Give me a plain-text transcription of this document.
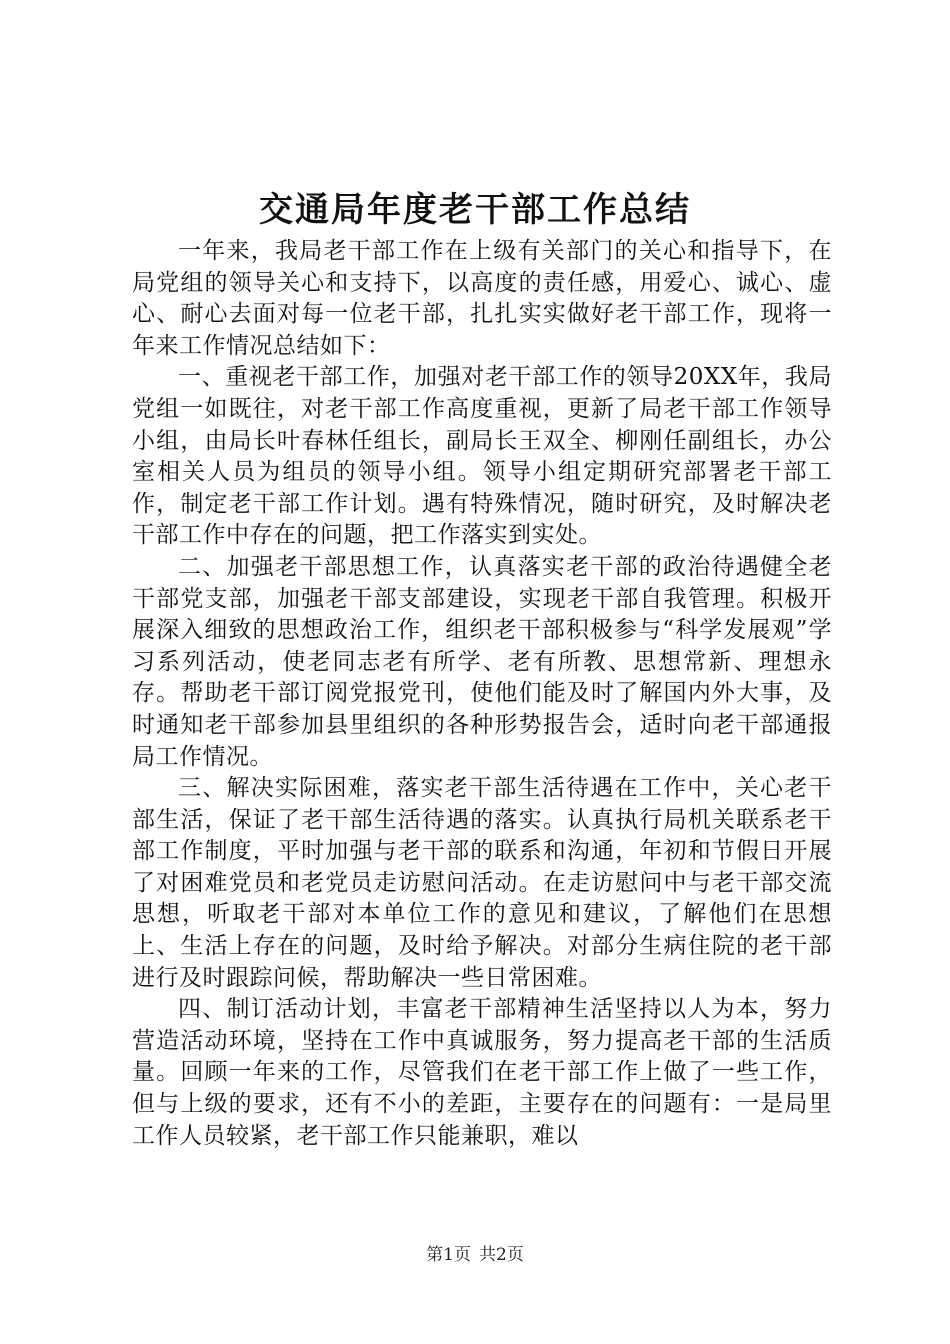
交通局年度老干部工作总结

一年来，我局老干部工作在上级有关部门的关心和指导下，在局党组的领导关心和支持下，以高度的责任感，用爱心、诚心、虚心、耐心去面对每一位老干部，扎扎实实做好老干部工作，现将一年来工作情况总结如下：

一、重视老干部工作，加强对老干部工作的领导20XX年，我局党组一如既往，对老干部工作高度重视，更新了局老干部工作领导小组，由局长叶春林任组长，副局长王双全、柳刚任副组长，办公室相关人员为组员的领导小组。领导小组定期研究部署老干部工作，制定老干部工作计划。遇有特殊情况，随时研究，及时解决老干部工作中存在的问题，把工作落实到实处。

二、加强老干部思想工作，认真落实老干部的政治待遇健全老干部党支部，加强老干部支部建设，实现老干部自我管理。积极开展深入细致的思想政治工作，组织老干部积极参与“科学发展观”学习系列活动，使老同志老有所学、老有所教、思想常新、理想永存。帮助老干部订阅党报党刊，使他们能及时了解国内外大事，及时通知老干部参加县里组织的各种形势报告会，适时向老干部通报局工作情况。

三、解决实际困难，落实老干部生活待遇在工作中，关心老干部生活，保证了老干部生活待遇的落实。认真执行局机关联系老干部工作制度，平时加强与老干部的联系和沟通，年初和节假日开展了对困难党员和老党员走访慰问活动。在走访慰问中与老干部交流思想，听取老干部对本单位工作的意见和建议，了解他们在思想上、生活上存在的问题，及时给予解决。对部分生病住院的老干部进行及时跟踪问候，帮助解决一些日常困难。

四、制订活动计划，丰富老干部精神生活坚持以人为本，努力营造活动环境，坚持在工作中真诚服务，努力提高老干部的生活质量。回顾一年来的工作，尽管我们在老干部工作上做了一些工作，但与上级的要求，还有不小的差距，主要存在的问题有：一是局里工作人员较紧，老干部工作只能兼职，难以

第1页 共2页
